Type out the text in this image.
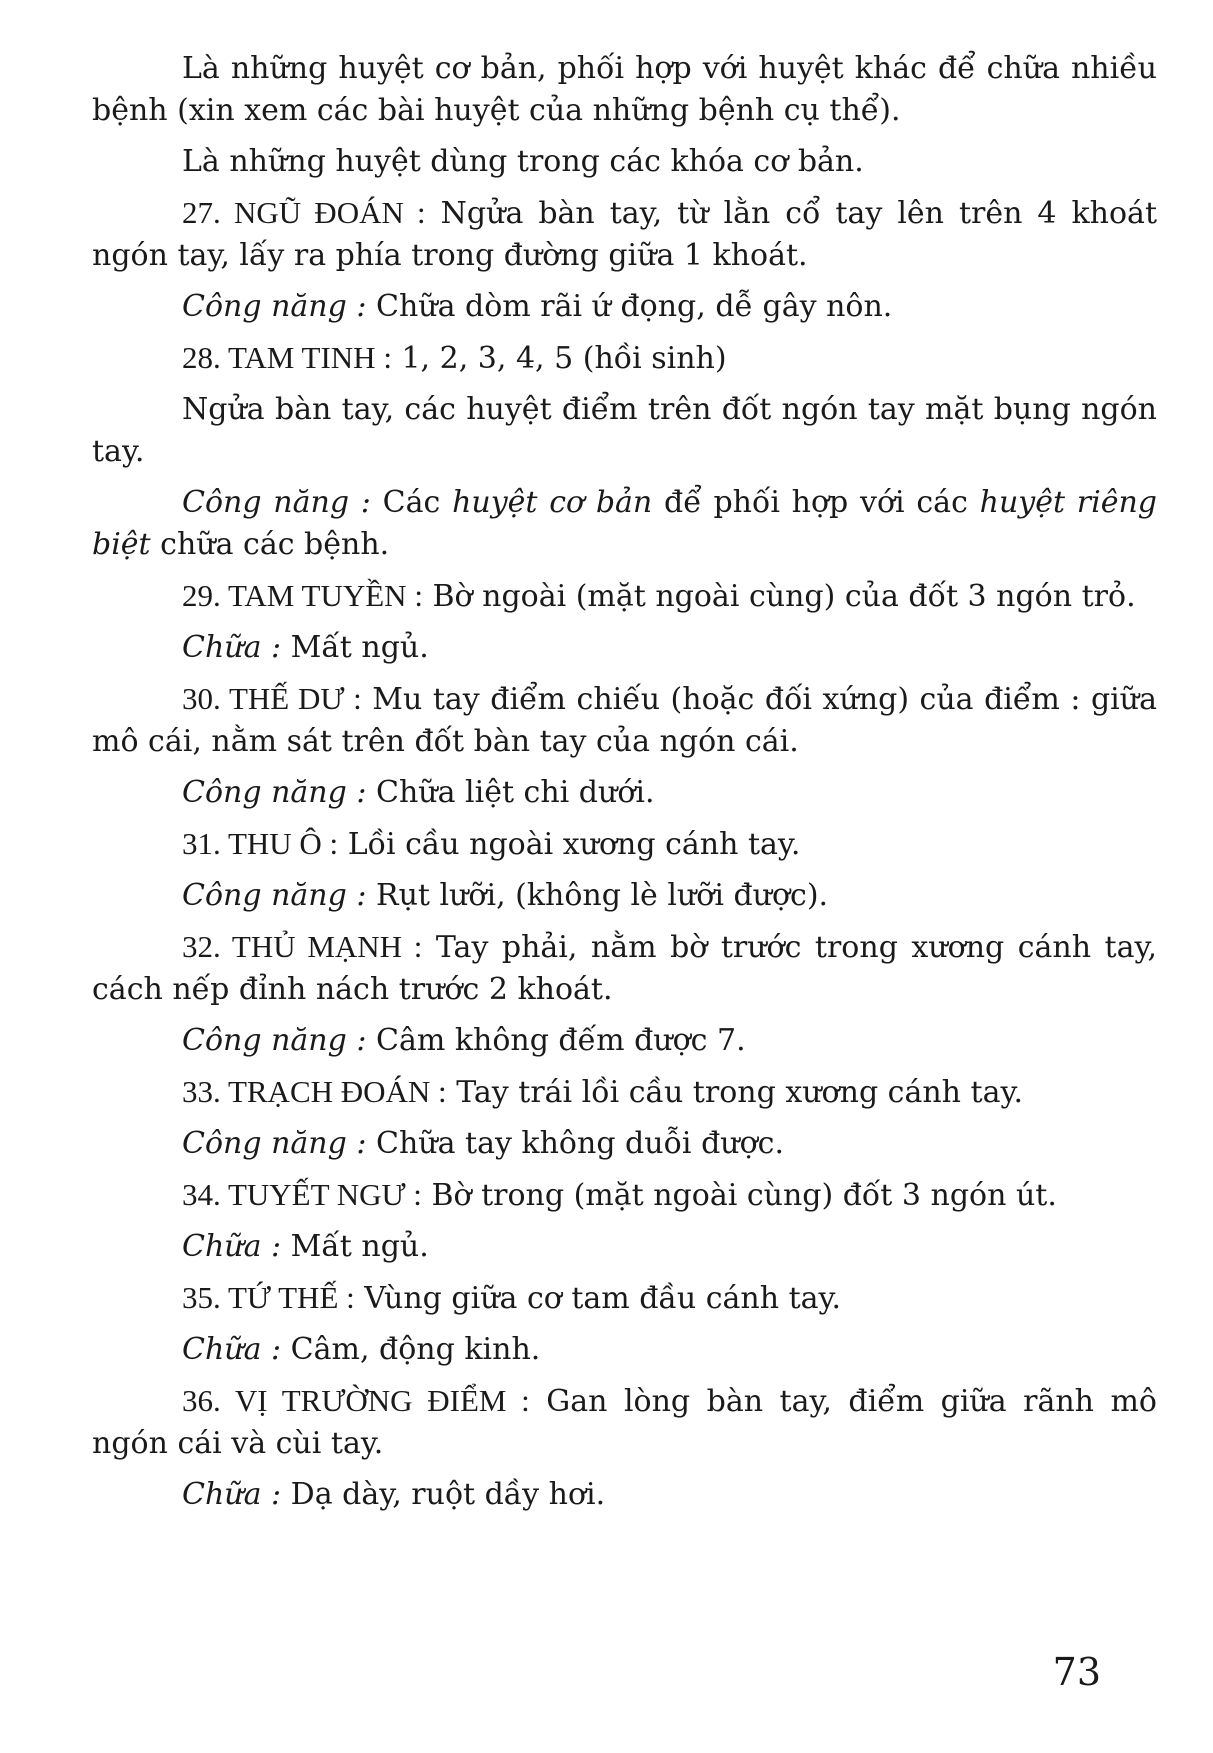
Là những huyệt cơ bản, phối hợp với huyệt khác để chữa nhiều bệnh (xin xem các bài huyệt của những bệnh cụ thể).

Là những huyệt dùng trong các khóa cơ bản.

27. NGŨ ĐOÁN : Ngửa bàn tay, từ lằn cổ tay lên trên 4 khoát ngón tay, lấy ra phía trong đường giữa 1 khoát.

Công năng : Chữa dòm rãi ứ đọng, dễ gây nôn.

28. TAM TINH : 1, 2, 3, 4, 5 (hồi sinh)

Ngửa bàn tay, các huyệt điểm trên đốt ngón tay mặt bụng ngón tay.

Công năng : Các huyệt cơ bản để phối hợp với các huyệt riêng biệt chữa các bệnh.

29. TAM TUYỀN : Bờ ngoài (mặt ngoài cùng) của đốt 3 ngón trỏ.

Chữa : Mất ngủ.

30. THẾ DƯ : Mu tay điểm chiếu (hoặc đối xứng) của điểm : giữa mô cái, nằm sát trên đốt bàn tay của ngón cái.

Công năng : Chữa liệt chi dưới.

31. THU Ô : Lồi cầu ngoài xương cánh tay.

Công năng : Rụt lưỡi, (không lè lưỡi được).

32. THỦ MẠNH : Tay phải, nằm bờ trước trong xương cánh tay, cách nếp đỉnh nách trước 2 khoát.

Công năng : Câm không đếm được 7.

33. TRẠCH ĐOÁN : Tay trái lồi cầu trong xương cánh tay.

Công năng : Chữa tay không duỗi được.

34. TUYẾT NGƯ : Bờ trong (mặt ngoài cùng) đốt 3 ngón út.

Chữa : Mất ngủ.

35. TỨ THẾ : Vùng giữa cơ tam đầu cánh tay.

Chữa : Câm, động kinh.

36. VỊ TRƯỜNG ĐIỂM : Gan lòng bàn tay, điểm giữa rãnh mô ngón cái và cùi tay.

Chữa : Dạ dày, ruột dầy hơi.

73
